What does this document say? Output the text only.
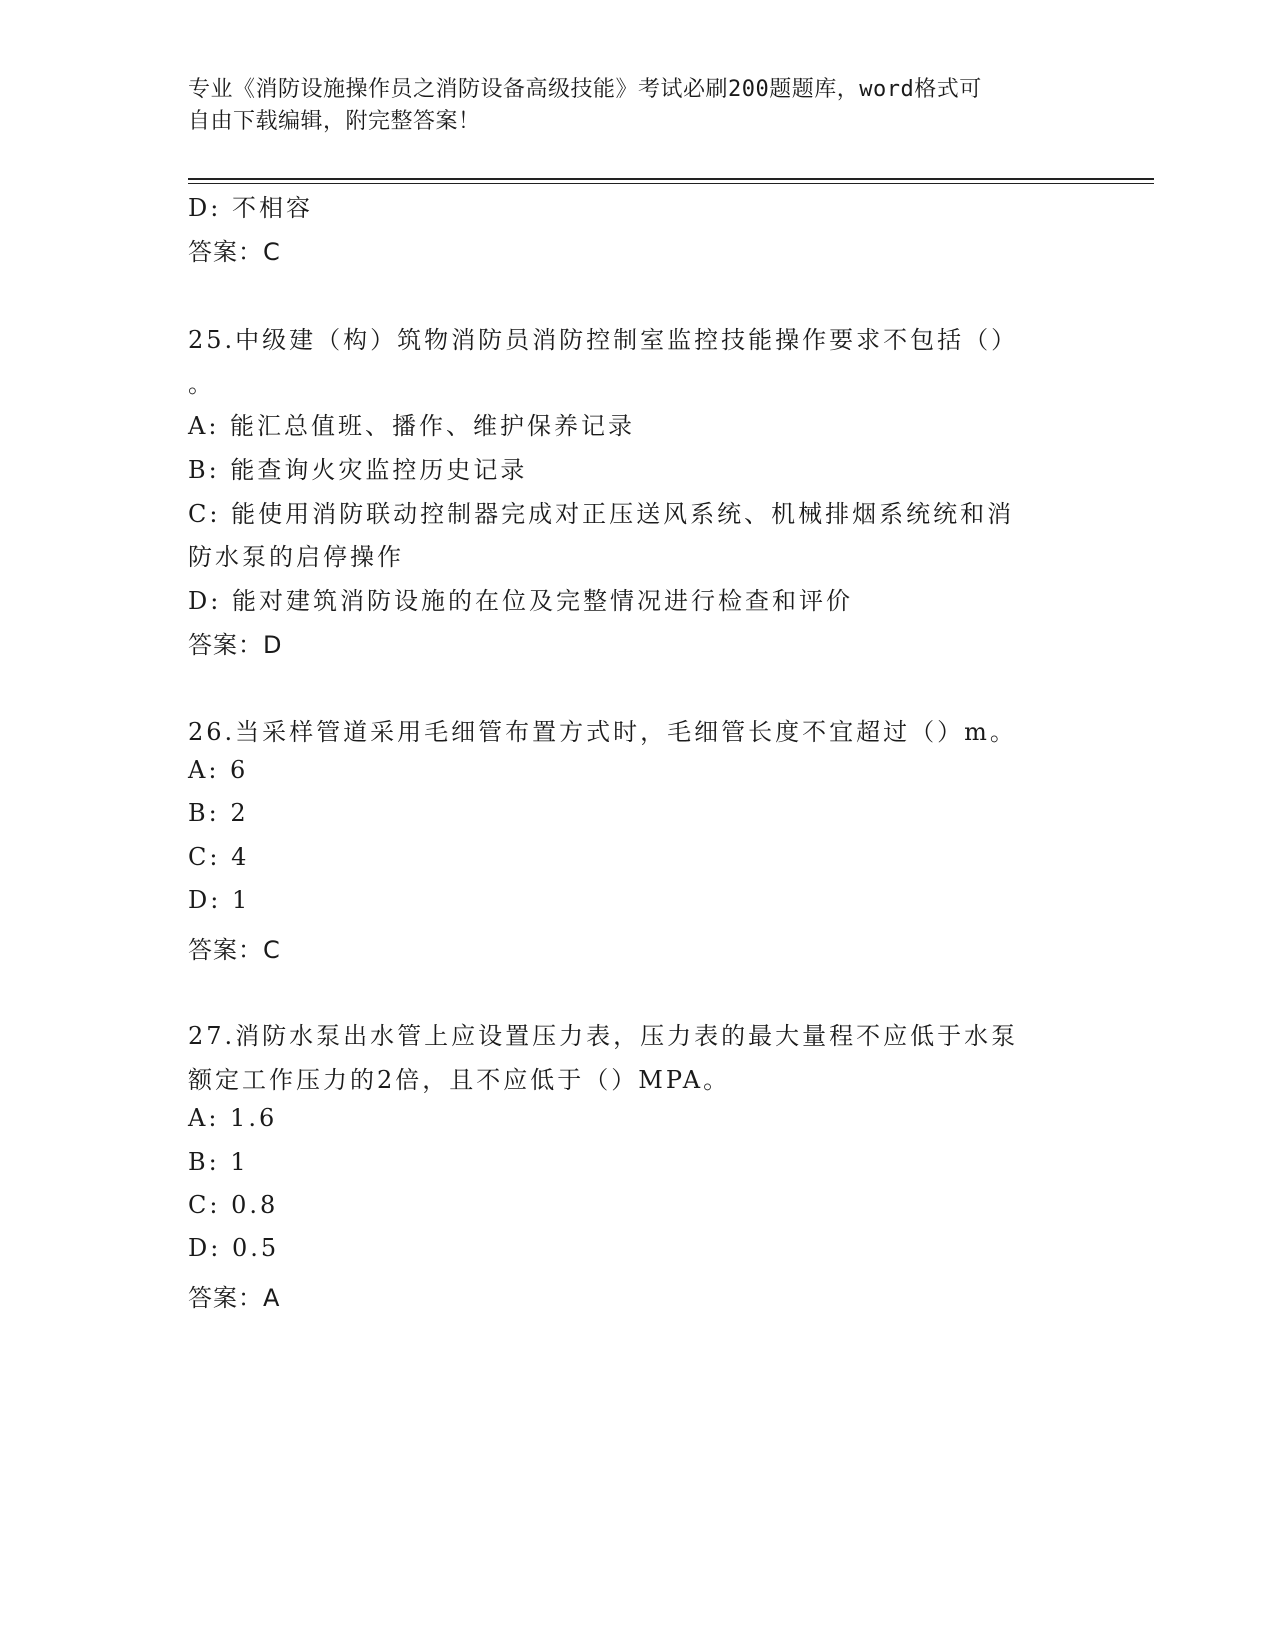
专业《消防设施操作员之消防设备高级技能》考试必刷200题题库，word格式可
自由下载编辑，附完整答案！
D: 不相容
答案：C
25.中级建（构）筑物消防员消防控制室监控技能操作要求不包括（）
。
A: 能汇总值班、播作、维护保养记录
B: 能查询火灾监控历史记录
C: 能使用消防联动控制器完成对正压送风系统、机械排烟系统统和消
防水泵的启停操作
D: 能对建筑消防设施的在位及完整情况进行检查和评价
答案：D
26.当采样管道采用毛细管布置方式时，毛细管长度不宜超过（）m。
A: 6
B: 2
C: 4
D: 1
答案：C
27.消防水泵出水管上应设置压力表，压力表的最大量程不应低于水泵
额定工作压力的2倍，且不应低于（）MPA。
A: 1.6
B: 1
C: 0.8
D: 0.5
答案：A
